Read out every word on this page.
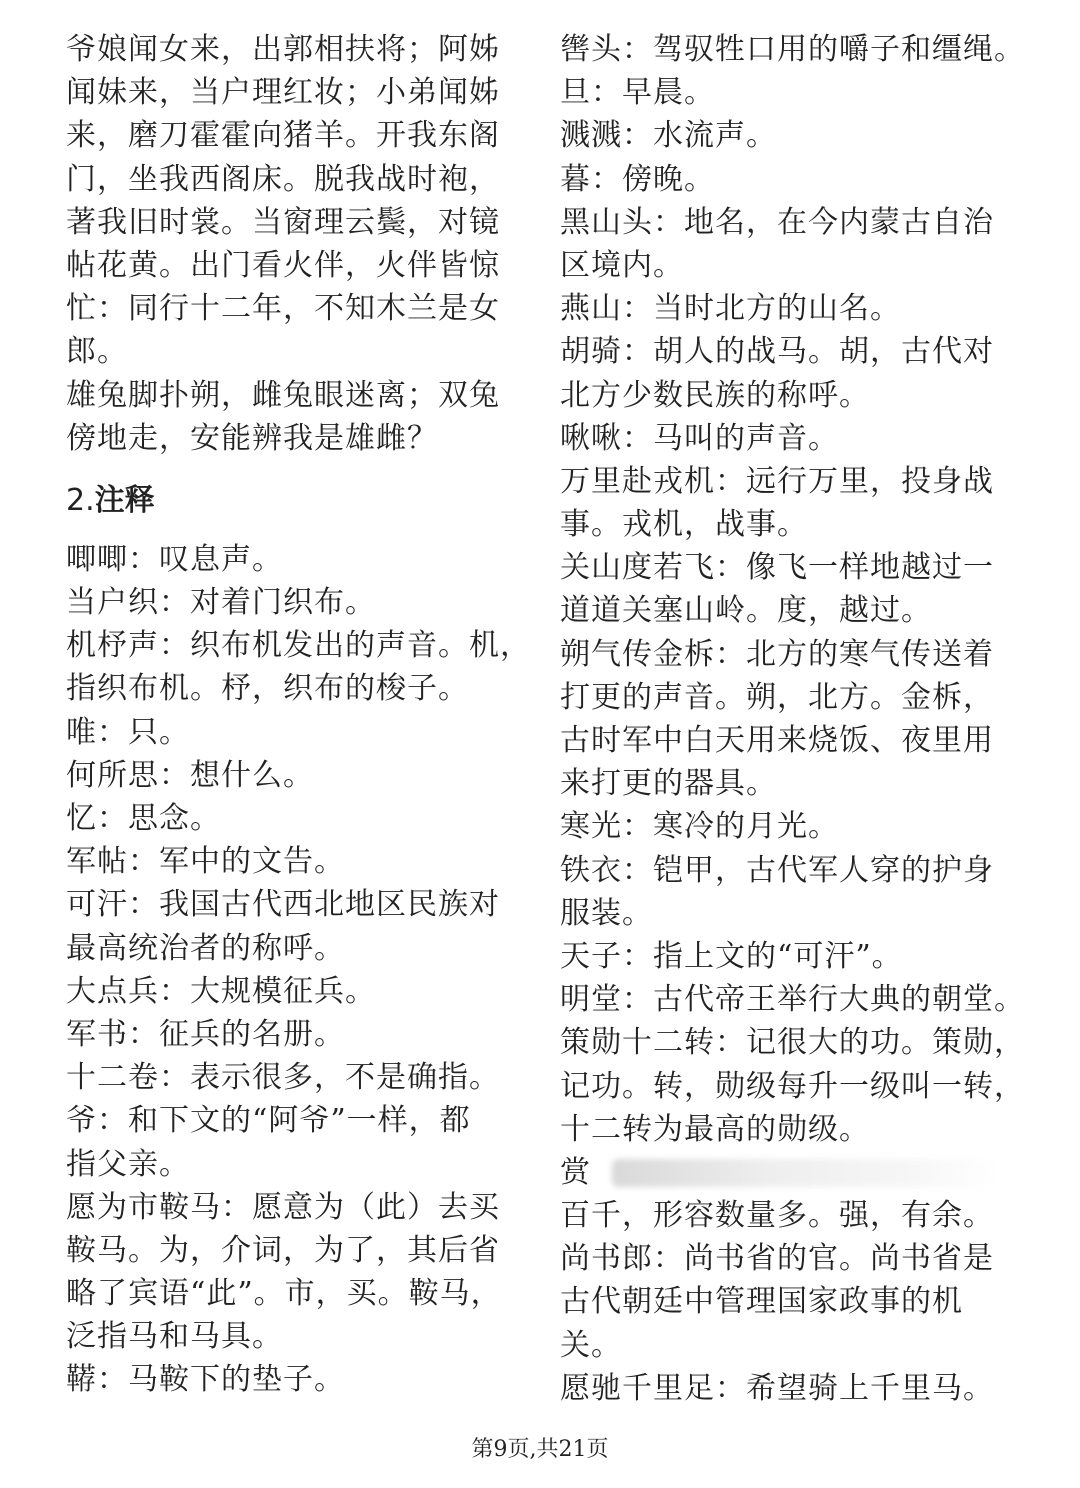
爷娘闻女来，出郭相扶将；阿姊
闻妹来，当户理红妆；小弟闻姊
来，磨刀霍霍向猪羊。开我东阁
门，坐我西阁床。脱我战时袍，
著我旧时裳。当窗理云鬓，对镜
帖花黄。出门看火伴，火伴皆惊
忙：同行十二年，不知木兰是女
郎。
雄兔脚扑朔，雌兔眼迷离；双兔
傍地走，安能辨我是雄雌？
2.注释
唧唧：叹息声。
当户织：对着门织布。
机杼声：织布机发出的声音。机，
指织布机。杼，织布的梭子。
唯：只。
何所思：想什么。
忆：思念。
军帖：军中的文告。
可汗：我国古代西北地区民族对
最高统治者的称呼。
大点兵：大规模征兵。
军书：征兵的名册。
十二卷：表示很多，不是确指。
爷：和下文的“阿爷”一样，都
指父亲。
愿为市鞍马：愿意为（此）去买
鞍马。为，介词，为了，其后省
略了宾语“此”。市，买。鞍马，
泛指马和马具。
鞯：马鞍下的垫子。
辔头：驾驭牲口用的嚼子和缰绳。
旦：早晨。
溅溅：水流声。
暮：傍晚。
黑山头：地名，在今内蒙古自治
区境内。
燕山：当时北方的山名。
胡骑：胡人的战马。胡，古代对
北方少数民族的称呼。
啾啾：马叫的声音。
万里赴戎机：远行万里，投身战
事。戎机，战事。
关山度若飞：像飞一样地越过一
道道关塞山岭。度，越过。
朔气传金柝：北方的寒气传送着
打更的声音。朔，北方。金柝，
古时军中白天用来烧饭、夜里用
来打更的器具。
寒光：寒冷的月光。
铁衣：铠甲，古代军人穿的护身
服装。
天子：指上文的“可汗”。
明堂：古代帝王举行大典的朝堂。
策勋十二转：记很大的功。策勋，
记功。转，勋级每升一级叫一转，
十二转为最高的勋级。
赏
百千，形容数量多。强，有余。
尚书郎：尚书省的官。尚书省是
古代朝廷中管理国家政事的机
关。
愿驰千里足：希望骑上千里马。
第9页,共21页
